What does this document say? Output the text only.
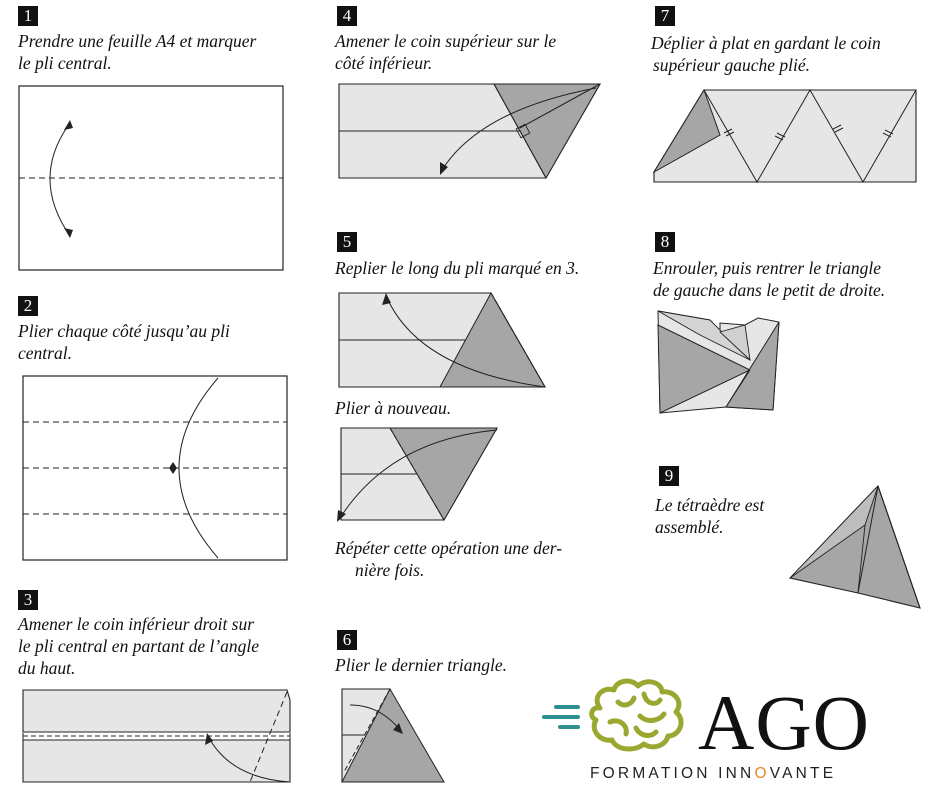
1
Prendre une feuille A4 et marquer
le pli central.
2
Plier chaque côté jusqu’au pli
central.
3
Amener le coin inférieur droit sur
le pli central en partant de l’angle
du haut.
4
Amener le coin supérieur sur le
côté inférieur.
5
Replier le long du pli marqué en 3.
Plier à nouveau.
Répéter cette opération une der-
nière fois.
6
Plier le dernier triangle.
7
Déplier à plat en gardant le coin
supérieur gauche plié.
8
Enrouler, puis rentrer le triangle
de gauche dans le petit de droite.
9
Le tétraèdre est
assemblé.
AGO
FORMATION INNOVANTE
